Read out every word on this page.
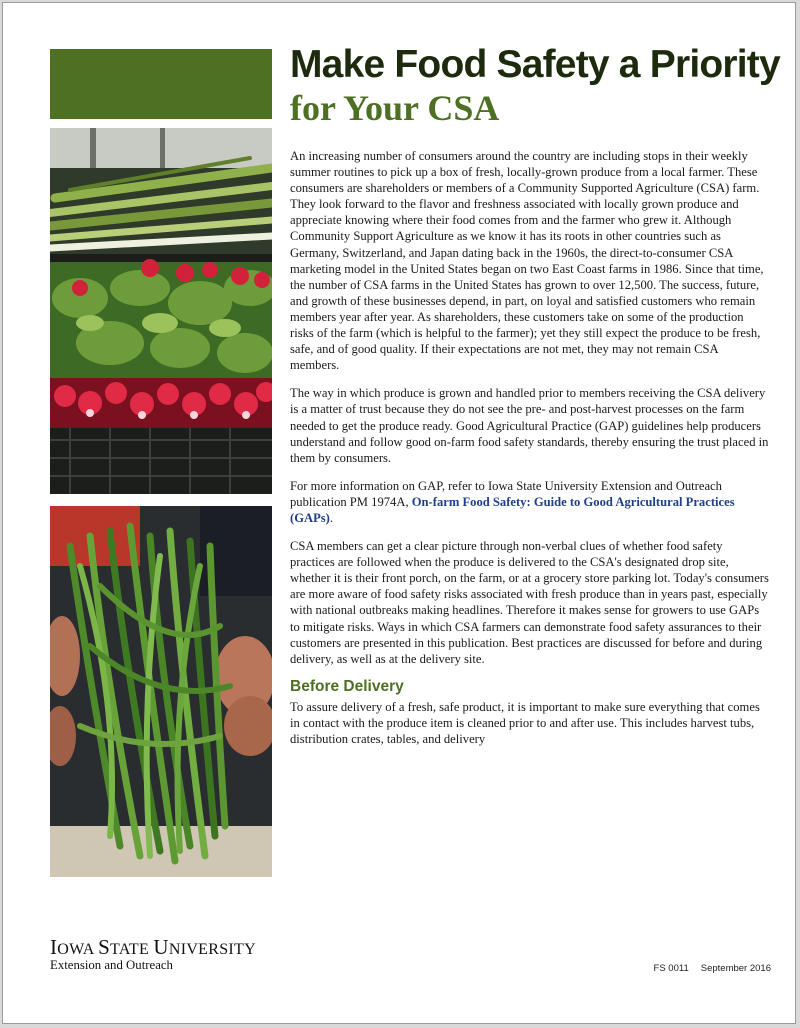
Make Food Safety a Priority
for Your CSA

An increasing number of consumers around the country are including stops in their weekly summer routines to pick up a box of fresh, locally-grown produce from a local farmer. These consumers are shareholders or members of a Community Supported Agriculture (CSA) farm. They look forward to the flavor and freshness associated with locally grown produce and appreciate knowing where their food comes from and the farmer who grew it. Although Community Support Agriculture as we know it has its roots in other countries such as Germany, Switzerland, and Japan dating back in the 1960s, the direct-to-consumer CSA marketing model in the United States began on two East Coast farms in 1986. Since that time, the number of CSA farms in the United States has grown to over 12,500. The success, future, and growth of these businesses depend, in part, on loyal and satisfied customers who remain members year after year. As shareholders, these customers take on some of the production risks of the farm (which is helpful to the farmer); yet they still expect the produce to be fresh, safe, and of good quality. If their expectations are not met, they may not remain CSA members.

The way in which produce is grown and handled prior to members receiving the CSA delivery is a matter of trust because they do not see the pre- and post-harvest processes on the farm needed to get the produce ready. Good Agricultural Practice (GAP) guidelines help producers understand and follow good on-farm food safety standards, thereby ensuring the trust placed in them by consumers.

For more information on GAP, refer to Iowa State University Extension and Outreach publication PM 1974A, On-farm Food Safety: Guide to Good Agricultural Practices (GAPs).

CSA members can get a clear picture through non-verbal clues of whether food safety practices are followed when the produce is delivered to the CSA's designated drop site, whether it is their front porch, on the farm, or at a grocery store parking lot. Today's consumers are more aware of food safety risks associated with fresh produce than in years past, especially with national outbreaks making headlines. Therefore it makes sense for growers to use GAPs to mitigate risks. Ways in which CSA farmers can demonstrate food safety assurances to their customers are presented in this publication. Best practices are discussed for before and during delivery, as well as at the delivery site.

Before Delivery

To assure delivery of a fresh, safe product, it is important to make sure everything that comes in contact with the produce item is cleaned prior to and after use. This includes harvest tubs, distribution crates, tables, and delivery

IOWA STATE UNIVERSITY
Extension and Outreach	FS 0011 September 2016
